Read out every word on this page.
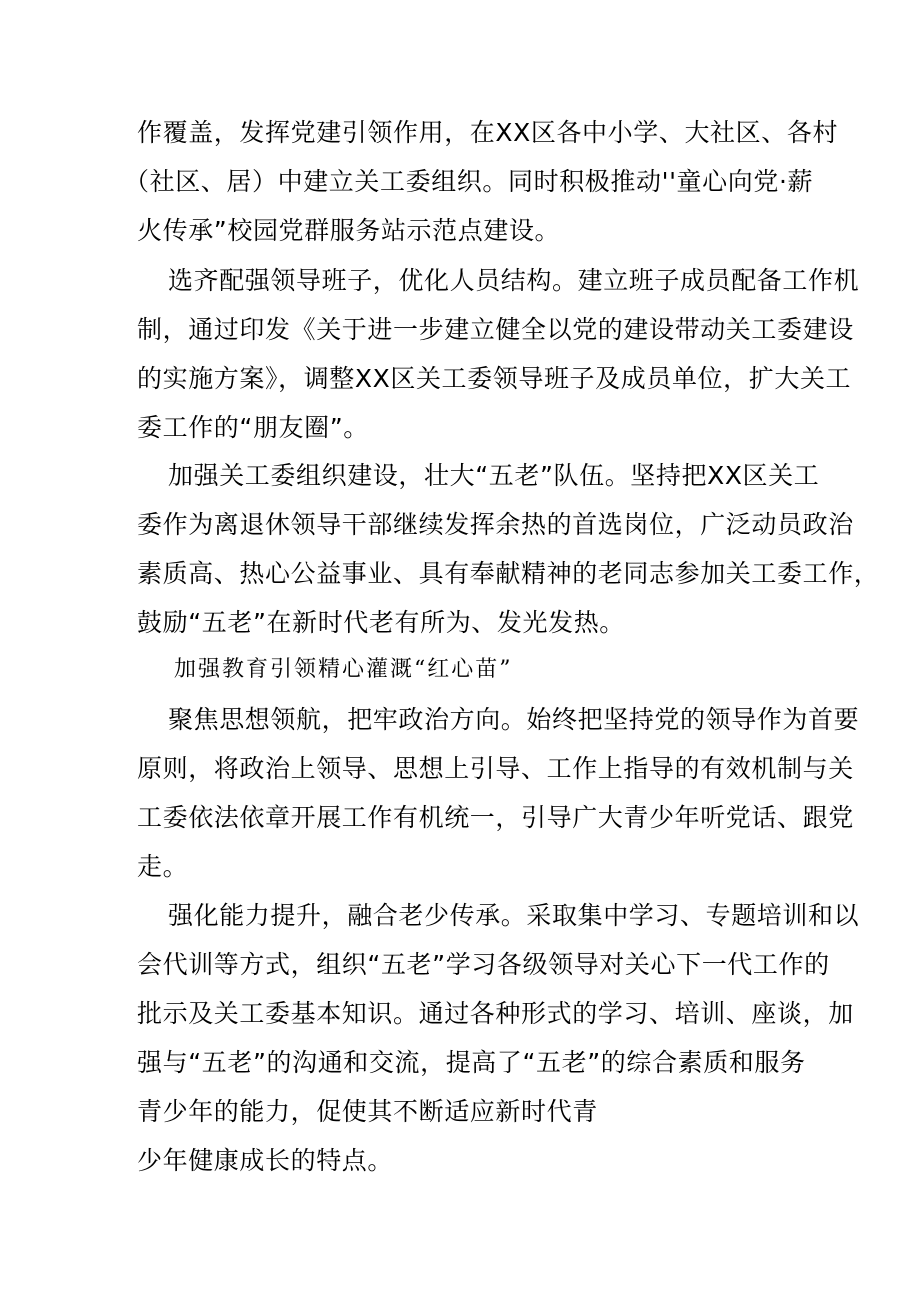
作覆盖，发挥党建引领作用，在XX区各中小学、大社区、各村
（社区、居）中建立关工委组织。同时积极推动''童心向党·薪
火传承”校园党群服务站示范点建设。
选齐配强领导班子，优化人员结构。建立班子成员配备工作机
制，通过印发《关于进一步建立健全以党的建设带动关工委建设
的实施方案》，调整XX区关工委领导班子及成员单位，扩大关工
委工作的“朋友圈”。
加强关工委组织建设，壮大“五老”队伍。坚持把XX区关工
委作为离退休领导干部继续发挥余热的首选岗位，广泛动员政治
素质高、热心公益事业、具有奉献精神的老同志参加关工委工作，
鼓励“五老”在新时代老有所为、发光发热。
加强教育引领精心灌溉“红心苗”
聚焦思想领航，把牢政治方向。始终把坚持党的领导作为首要
原则，将政治上领导、思想上引导、工作上指导的有效机制与关
工委依法依章开展工作有机统一，引导广大青少年听党话、跟党
走。
强化能力提升，融合老少传承。采取集中学习、专题培训和以
会代训等方式，组织“五老”学习各级领导对关心下一代工作的
批示及关工委基本知识。通过各种形式的学习、培训、座谈，加
强与“五老”的沟通和交流，提高了“五老”的综合素质和服务
青少年的能力，促使其不断适应新时代青
少年健康成长的特点。
